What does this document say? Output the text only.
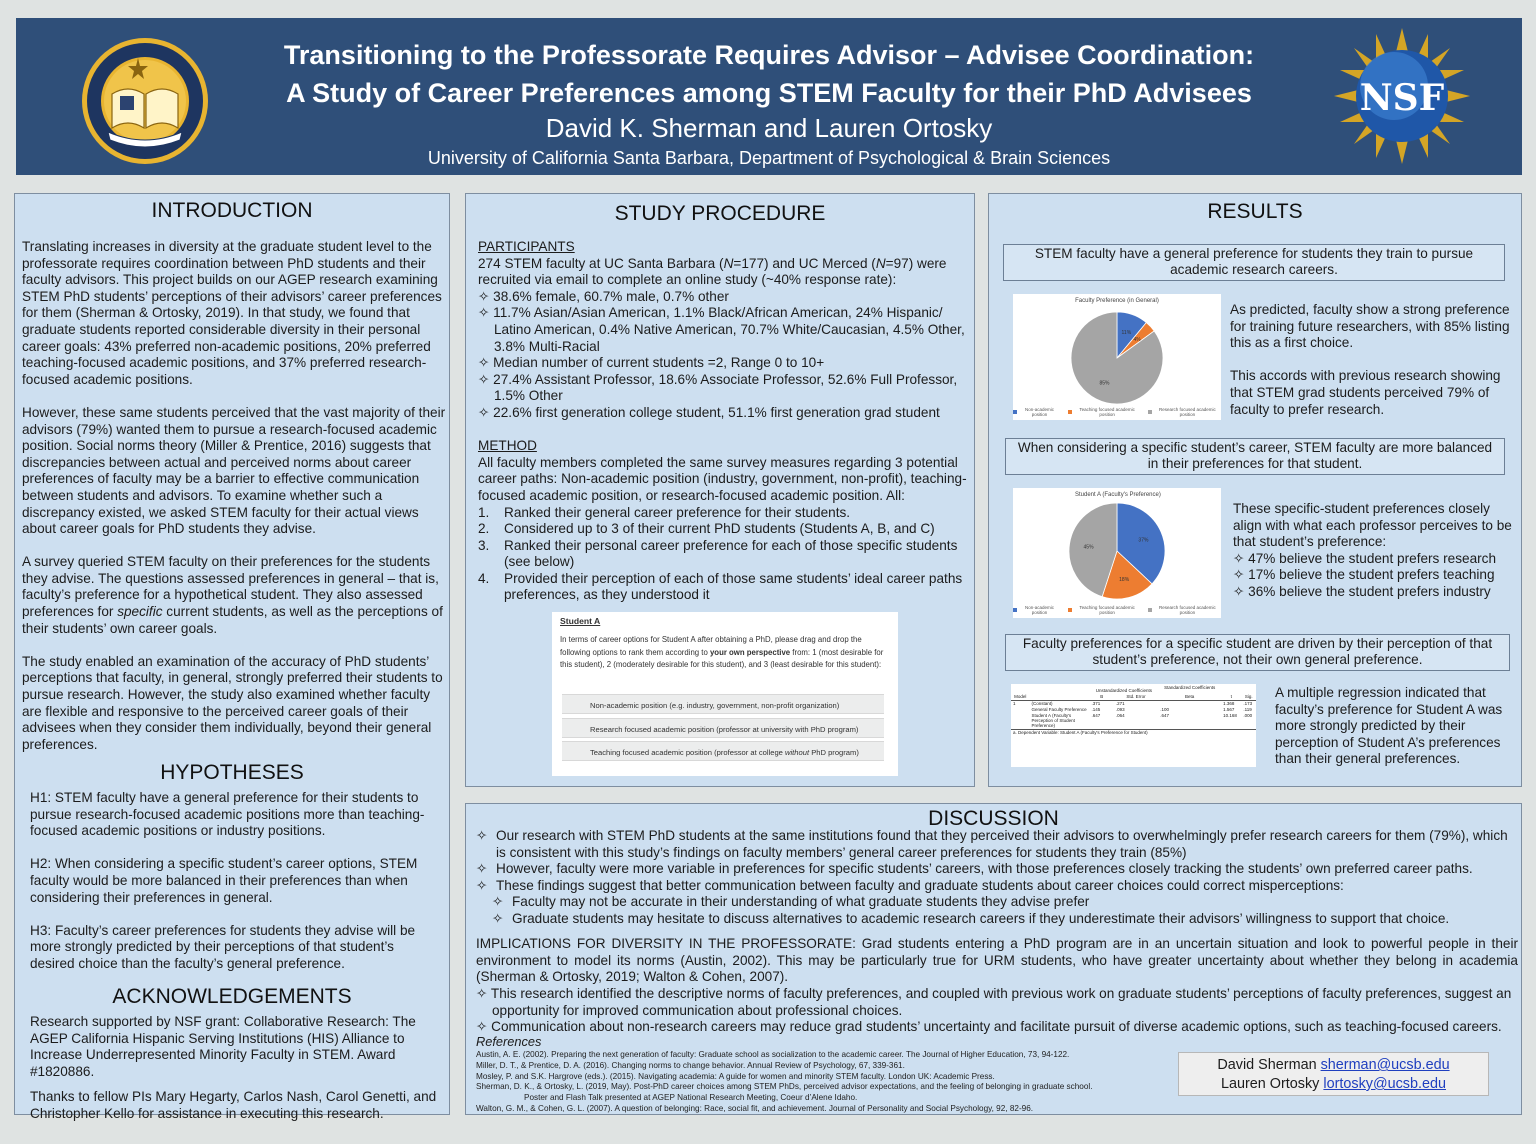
Transitioning to the Professorate Requires Advisor – Advisee Coordination:
A Study of Career Preferences among STEM Faculty for their PhD Advisees
David K. Sherman and Lauren Ortosky
University of California Santa Barbara, Department of Psychological & Brain Sciences
NSF
INTRODUCTION

Translating increases in diversity at the graduate student level to the professorate requires coordination between PhD students and their faculty advisors. This project builds on our AGEP research examining STEM PhD students’ perceptions of their advisors’ career preferences for them (Sherman & Ortosky, 2019). In that study, we found that graduate students reported considerable diversity in their personal career goals: 43% preferred non-academic positions, 20% preferred teaching-focused academic positions, and 37% preferred research-focused academic positions.

However, these same students perceived that the vast majority of their advisors (79%) wanted them to pursue a research-focused academic position. Social norms theory (Miller & Prentice, 2016) suggests that discrepancies between actual and perceived norms about career preferences of faculty may be a barrier to effective communication between students and advisors. To examine whether such a discrepancy existed, we asked STEM faculty for their actual views about career goals for PhD students they advise.

A survey queried STEM faculty on their preferences for the students they advise. The questions assessed preferences in general – that is, faculty’s preference for a hypothetical student. They also assessed preferences for specific current students, as well as the perceptions of their students’ own career goals.

The study enabled an examination of the accuracy of PhD students’ perceptions that faculty, in general, strongly preferred their students to pursue research. However, the study also examined whether faculty are flexible and responsive to the perceived career goals of their advisees when they consider them individually, beyond their general preferences.

HYPOTHESES

H1: STEM faculty have a general preference for their students to pursue research-focused academic positions more than teaching-focused academic positions or industry positions.

H2: When considering a specific student’s career options, STEM faculty would be more balanced in their preferences than when considering their preferences in general.

H3: Faculty’s career preferences for students they advise will be more strongly predicted by their perceptions of that student’s desired choice than the faculty’s general preference.

ACKNOWLEDGEMENTS

Research supported by NSF grant: Collaborative Research: The AGEP California Hispanic Serving Institutions (HIS) Alliance to Increase Underrepresented Minority Faculty in STEM. Award #1820886.

Thanks to fellow PIs Mary Hegarty, Carlos Nash, Carol Genetti, and Christopher Kello for assistance in executing this research.

STUDY PROCEDURE
PARTICIPANTS
274 STEM faculty at UC Santa Barbara (N=177) and UC Merced (N=97) were recruited via email to complete an online study (~40% response rate):
✧ 38.6% female, 60.7% male, 0.7% other
✧ 11.7% Asian/Asian American, 1.1% Black/African American, 24% Hispanic/ Latino American, 0.4% Native American, 70.7% White/Caucasian, 4.5% Other, 3.8% Multi-Racial
✧ Median number of current students =2, Range 0 to 10+
✧ 27.4% Assistant Professor, 18.6% Associate Professor, 52.6% Full Professor, 1.5% Other
✧ 22.6% first generation college student, 51.1% first generation grad student
METHOD
All faculty members completed the same survey measures regarding 3 potential career paths: Non-academic position (industry, government, non-profit), teaching-focused academic position, or research-focused academic position. All:
1.	Ranked their general career preference for their students.
2.	Considered up to 3 of their current PhD students (Students A, B, and C)
3.	Ranked their personal career preference for each of those specific students (see below)
4.	Provided their perception of each of those same students’ ideal career paths preferences, as they understood it
Student A
In terms of career options for Student A after obtaining a PhD, please drag and drop the following options to rank them according to your own perspective from: 1 (most desirable for this student), 2 (moderately desirable for this student), and 3 (least desirable for this student):
Non-academic position (e.g. industry, government, non-profit organization)
Research focused academic position (professor at university with PhD program)
Teaching focused academic position (professor at college without PhD program)
RESULTS
STEM faculty have a general preference for students they train to pursue academic research careers.
Faculty Preference (in General)
11%
4%
85%
Non-academic position
Teaching focused academic position
Research focused academic position

As predicted, faculty show a strong preference for training future researchers, with 85% listing this as a first choice.

This accords with previous research showing that STEM grad students perceived 79% of faculty to prefer research.

When considering a specific student’s career, STEM faculty are more balanced in their preferences for that student.
Student A (Faculty's Preference)
37%
18%
45%
Non-academic position
Teaching focused academic position
Research focused academic position
These specific-student preferences closely align with what each professor perceives to be that student’s preference:
✧ 47% believe the student prefers research
✧ 17% believe the student prefers teaching
✧ 36% believe the student prefers industry
Faculty preferences for a specific student are driven by their perception of that student’s preference, not their own general preference.
		Unstandardized Coefficients		Standardized Coefficients		
Model		B	Std. Error	Beta	t	Sig.
1	(Constant)	.371	.271		1.368	.173
	General Faculty Preference	.145	.093	.100	1.567	.119
	Student A (Faculty's Perception of Student Preference)	.647	.064	.647	10.168	.000
a. Dependent Variable: Student A (Faculty's Preference for Student)						
A multiple regression indicated that faculty’s preference for Student A was more strongly predicted by their perception of Student A’s preferences than their general preferences.
DISCUSSION
✧ Our research with STEM PhD students at the same institutions found that they perceived their advisors to overwhelmingly prefer research careers for them (79%), which is consistent with this study’s findings on faculty members’ general career preferences for students they train (85%)
✧ However, faculty were more variable in preferences for specific students’ careers, with those preferences closely tracking the students’ own preferred career paths.
✧ These findings suggest that better communication between faculty and graduate students about career choices could correct misperceptions:
✧ Faculty may not be accurate in their understanding of what graduate students they advise prefer
✧ Graduate students may hesitate to discuss alternatives to academic research careers if they underestimate their advisors’ willingness to support that choice.
IMPLICATIONS FOR DIVERSITY IN THE PROFESSORATE: Grad students entering a PhD program are in an uncertain situation and look to powerful people in their environment to model its norms (Austin, 2002). This may be particularly true for URM students, who have greater uncertainty about whether they belong in academia (Sherman & Ortosky, 2019; Walton & Cohen, 2007).
✧ This research identified the descriptive norms of faculty preferences, and coupled with previous work on graduate students’ perceptions of faculty preferences, suggest an opportunity for improved communication about professional choices.
✧ Communication about non-research careers may reduce grad students’ uncertainty and facilitate pursuit of diverse academic options, such as teaching-focused careers.
References
Austin, A. E. (2002). Preparing the next generation of faculty: Graduate school as socialization to the academic career. The Journal of Higher Education, 73, 94-122.
Miller, D. T., & Prentice, D. A. (2016). Changing norms to change behavior. Annual Review of Psychology, 67, 339-361.
Mosley, P. and S.K. Hargrove (eds.). (2015). Navigating academia: A guide for women and minority STEM faculty. London UK: Academic Press.
Sherman, D. K., & Ortosky, L. (2019, May). Post-PhD career choices among STEM PhDs, perceived advisor expectations, and the feeling of belonging in graduate school.
Poster and Flash Talk presented at AGEP National Research Meeting, Coeur d’Alene Idaho.
Walton, G. M., & Cohen, G. L. (2007). A question of belonging: Race, social fit, and achievement. Journal of Personality and Social Psychology, 92, 82-96.
David Sherman sherman@ucsb.edu
Lauren Ortosky lortosky@ucsb.edu
